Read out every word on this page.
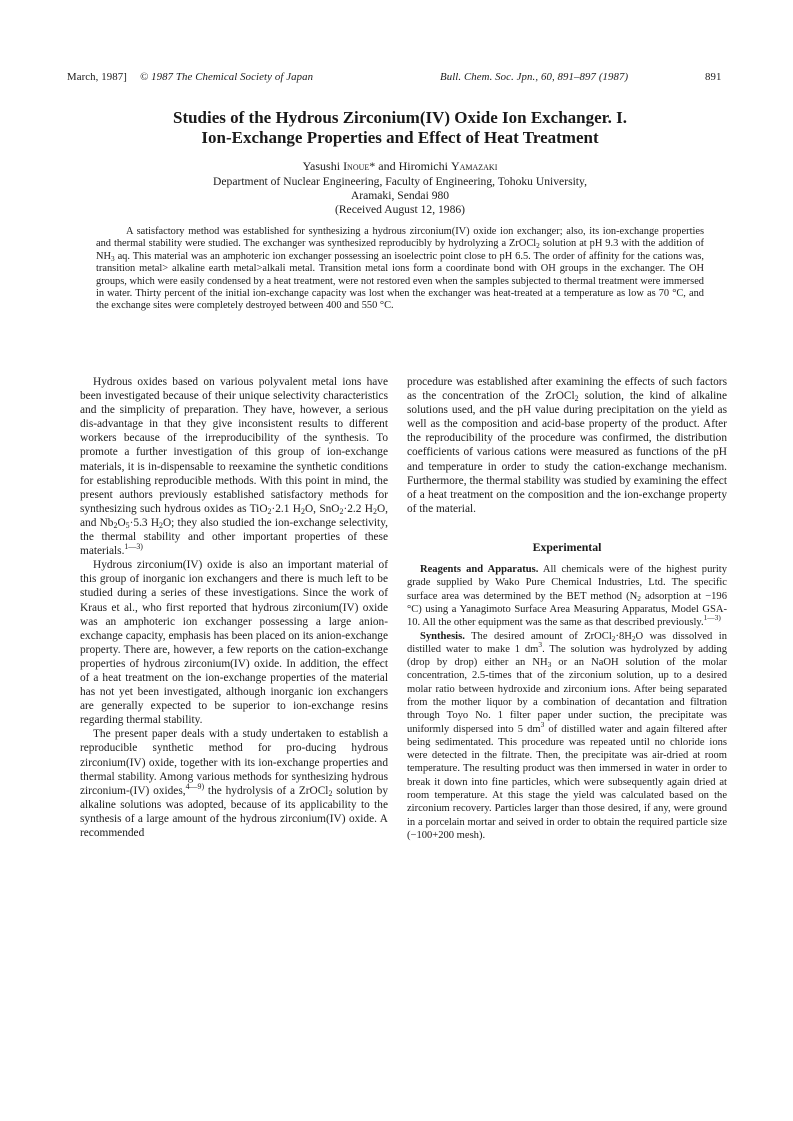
March, 1987] © 1987 The Chemical Society of Japan	Bull. Chem. Soc. Jpn., 60, 891–897 (1987)	891
Studies of the Hydrous Zirconium(IV) Oxide Ion Exchanger. I.
Ion-Exchange Properties and Effect of Heat Treatment
Yasushi Inoue* and Hiromichi Yamazaki
Department of Nuclear Engineering, Faculty of Engineering, Tohoku University,
Aramaki, Sendai 980
(Received August 12, 1986)

A satisfactory method was established for synthesizing a hydrous zirconium(IV) oxide ion exchanger; also, its ion-exchange properties and thermal stability were studied. The exchanger was synthesized reproducibly by hydrolyzing a ZrOCl$_2$ solution at pH 9.3 with the addition of $NH_3$ aq. This material was an amphoteric ion exchanger possessing an isoelectric point close to pH 6.5. The order of affinity for the cations was, transition metal> alkaline earth metal>alkali metal. Transition metal ions form a coordinate bond with OH groups in the exchanger. The OH groups, which were easily condensed by a heat treatment, were not restored even when the samples subjected to thermal treatment were immersed in water. Thirty percent of the initial ion-exchange capacity was lost when the exchanger was heat-treated at a temperature as low as 70 °C, and the exchange sites were completely destroyed between 400 and 550 °C.

Hydrous oxides based on various polyvalent metal ions have been investigated because of their unique selectivity characteristics and the simplicity of preparation. They have, however, a serious dis-advantage in that they give inconsistent results to different workers because of the irreproducibility of the synthesis. To promote a further investigation of this group of ion-exchange materials, it is in-dispensable to reexamine the synthetic conditions for establishing reproducible methods. With this point in mind, the present authors previously established satisfactory methods for synthesizing such hydrous oxides as TiO$_2$·2.1 $H_2O$, SnO$_2$·2.2 $H_2O$, and $Nb_2O_5\cdot 5.3$ $H_2O$; they also studied the ion-exchange selectivity, the thermal stability and other important properties of these materials.$^{1—3)}$

Hydrous zirconium(IV) oxide is also an important material of this group of inorganic ion exchangers and there is much left to be studied during a series of these investigations. Since the work of Kraus et al., who first reported that hydrous zirconium(IV) oxide was an amphoteric ion exchanger possessing a large anion-exchange capacity, emphasis has been placed on its anion-exchange property. There are, however, a few reports on the cation-exchange properties of hydrous zirconium(IV) oxide. In addition, the effect of a heat treatment on the ion-exchange properties of the material has not yet been investigated, although inorganic ion exchangers are generally expected to be superior to ion-exchange resins regarding thermal stability.

The present paper deals with a study undertaken to establish a reproducible synthetic method for pro-ducing hydrous zirconium(IV) oxide, together with its ion-exchange properties and thermal stability. Among various methods for synthesizing hydrous zirconium-(IV) oxides,$^{4—9)}$ the hydrolysis of a ZrOCl$_2$ solution by alkaline solutions was adopted, because of its applicability to the synthesis of a large amount of the hydrous zirconium(IV) oxide. A recommended

procedure was established after examining the effects of such factors as the concentration of the ZrOCl$_2$ solution, the kind of alkaline solutions used, and the pH value during precipitation on the yield as well as the composition and acid-base property of the product. After the reproducibility of the procedure was confirmed, the distribution coefficients of various cations were measured as functions of the pH and temperature in order to study the cation-exchange mechanism. Furthermore, the thermal stability was studied by examining the effect of a heat treatment on the composition and the ion-exchange property of the material.

Experimental

Reagents and Apparatus. All chemicals were of the highest purity grade supplied by Wako Pure Chemical Industries, Ltd. The specific surface area was determined by the BET method ($N_2$ adsorption at −196 °C) using a Yanagimoto Surface Area Measuring Apparatus, Model GSA-10. All the other equipment was the same as that described previously.$^{1—3)}$

Synthesis. The desired amount of $ZrOCl_2\cdot 8H_2O$ was dissolved in distilled water to make 1 $dm^3$. The solution was hydrolyzed by adding (drop by drop) either an $NH_3$ or an NaOH solution of the molar concentration, 2.5-times that of the zirconium solution, up to a desired molar ratio between hydroxide and zirconium ions. After being separated from the mother liquor by a combination of decantation and filtration through Toyo No. 1 filter paper under suction, the precipitate was uniformly dispersed into 5 $dm^3$ of distilled water and again filtered after being sedimentated. This procedure was repeated until no chloride ions were detected in the filtrate. Then, the precipitate was air-dried at room temperature. The resulting product was then immersed in water in order to break it down into fine particles, which were subsequently again dried at room temperature. At this stage the yield was calculated based on the zirconium recovery. Particles larger than those desired, if any, were ground in a porcelain mortar and seived in order to obtain the required particle size (−100+200 mesh).
